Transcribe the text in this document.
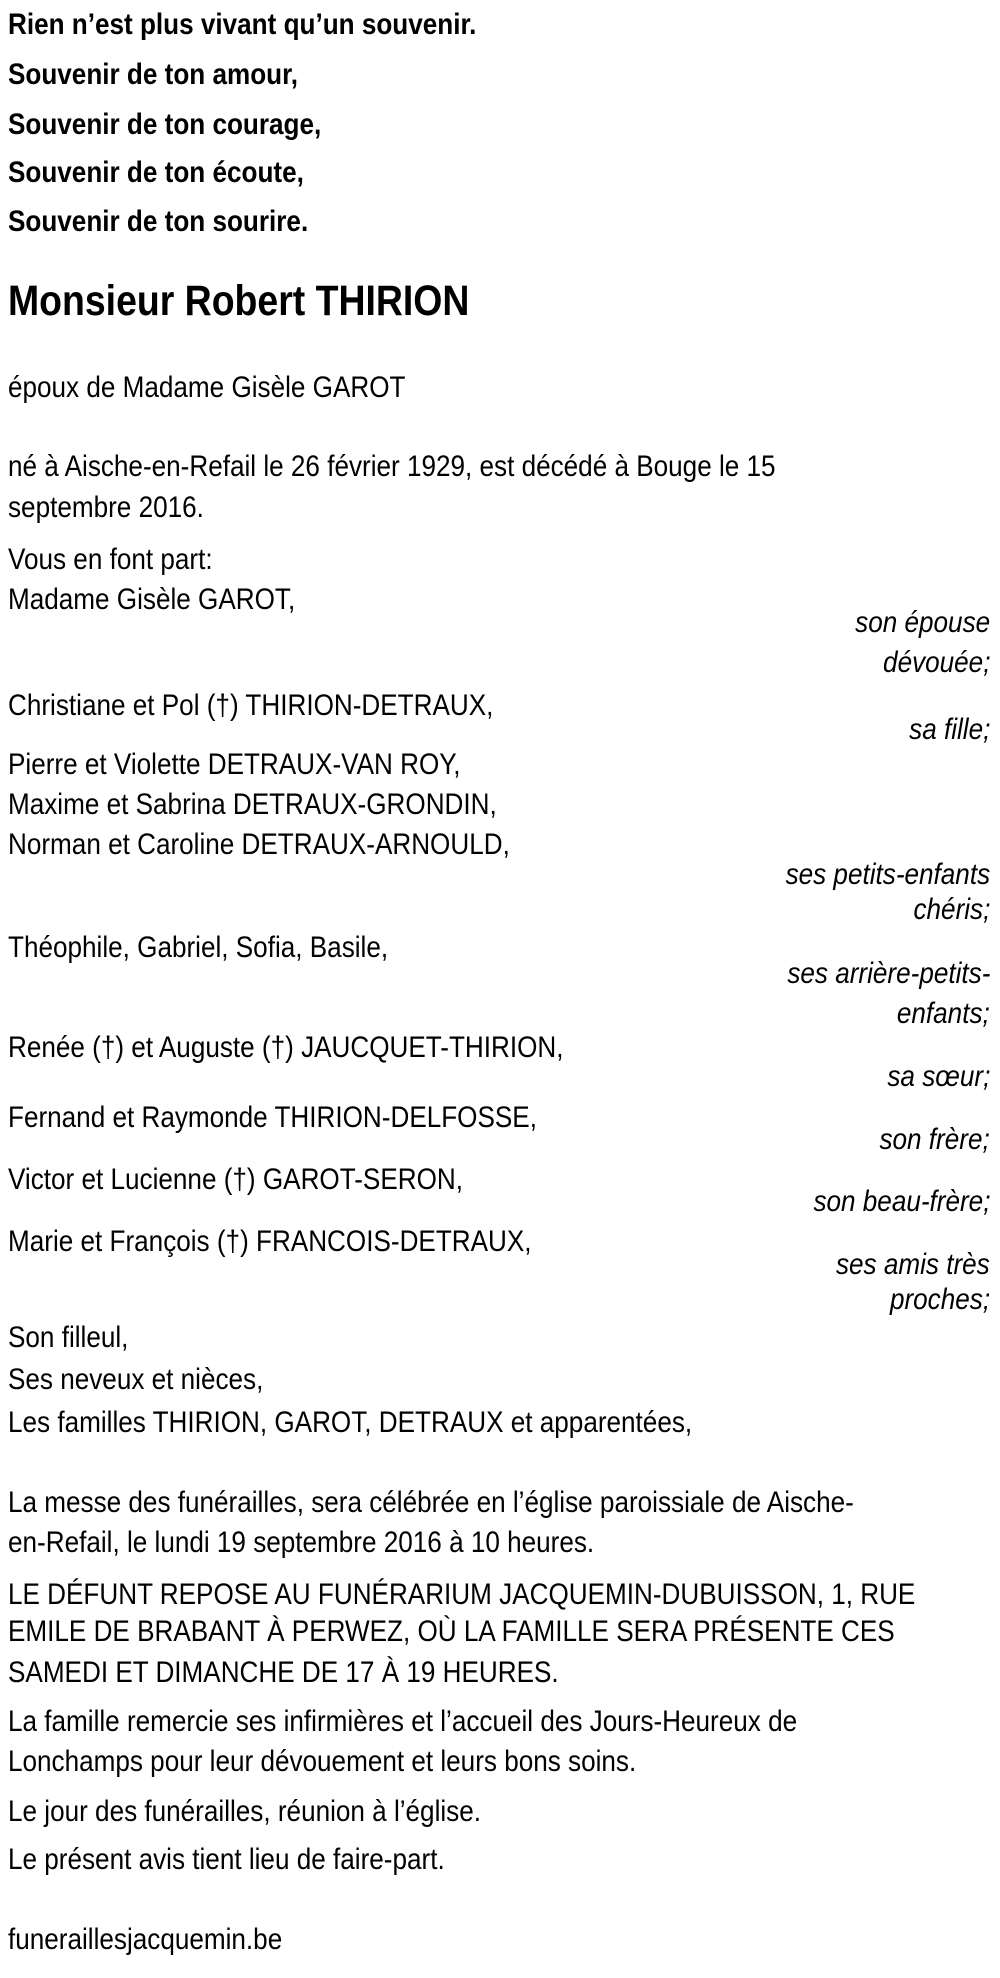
Rien n’est plus vivant qu’un souvenir.
Souvenir de ton amour,
Souvenir de ton courage,
Souvenir de ton écoute,
Souvenir de ton sourire.
Monsieur Robert THIRION
époux de Madame Gisèle GAROT
né à Aische-en-Refail le 26 février 1929, est décédé à Bouge le 15
septembre 2016.
Vous en font part:
Madame Gisèle GAROT,
son épouse
dévouée;
Christiane et Pol (†) THIRION-DETRAUX,
sa fille;
Pierre et Violette DETRAUX-VAN ROY,
Maxime et Sabrina DETRAUX-GRONDIN,
Norman et Caroline DETRAUX-ARNOULD,
ses petits-enfants
chéris;
Théophile, Gabriel, Sofia, Basile,
ses arrière-petits-
enfants;
Renée (†) et Auguste (†) JAUCQUET-THIRION,
sa sœur;
Fernand et Raymonde THIRION-DELFOSSE,
son frère;
Victor et Lucienne (†) GAROT-SERON,
son beau-frère;
Marie et François (†) FRANCOIS-DETRAUX,
ses amis très
proches;
Son filleul,
Ses neveux et nièces,
Les familles THIRION, GAROT, DETRAUX et apparentées,
La messe des funérailles, sera célébrée en l’église paroissiale de Aische-
en-Refail, le lundi 19 septembre 2016 à 10 heures.
LE DÉFUNT REPOSE AU FUNÉRARIUM JACQUEMIN-DUBUISSON, 1, RUE
EMILE DE BRABANT À PERWEZ, OÙ LA FAMILLE SERA PRÉSENTE CES
SAMEDI ET DIMANCHE DE 17 À 19 HEURES.
La famille remercie ses infirmières et l’accueil des Jours-Heureux de
Lonchamps pour leur dévouement et leurs bons soins.
Le jour des funérailles, réunion à l’église.
Le présent avis tient lieu de faire-part.
funeraillesjacquemin.be
